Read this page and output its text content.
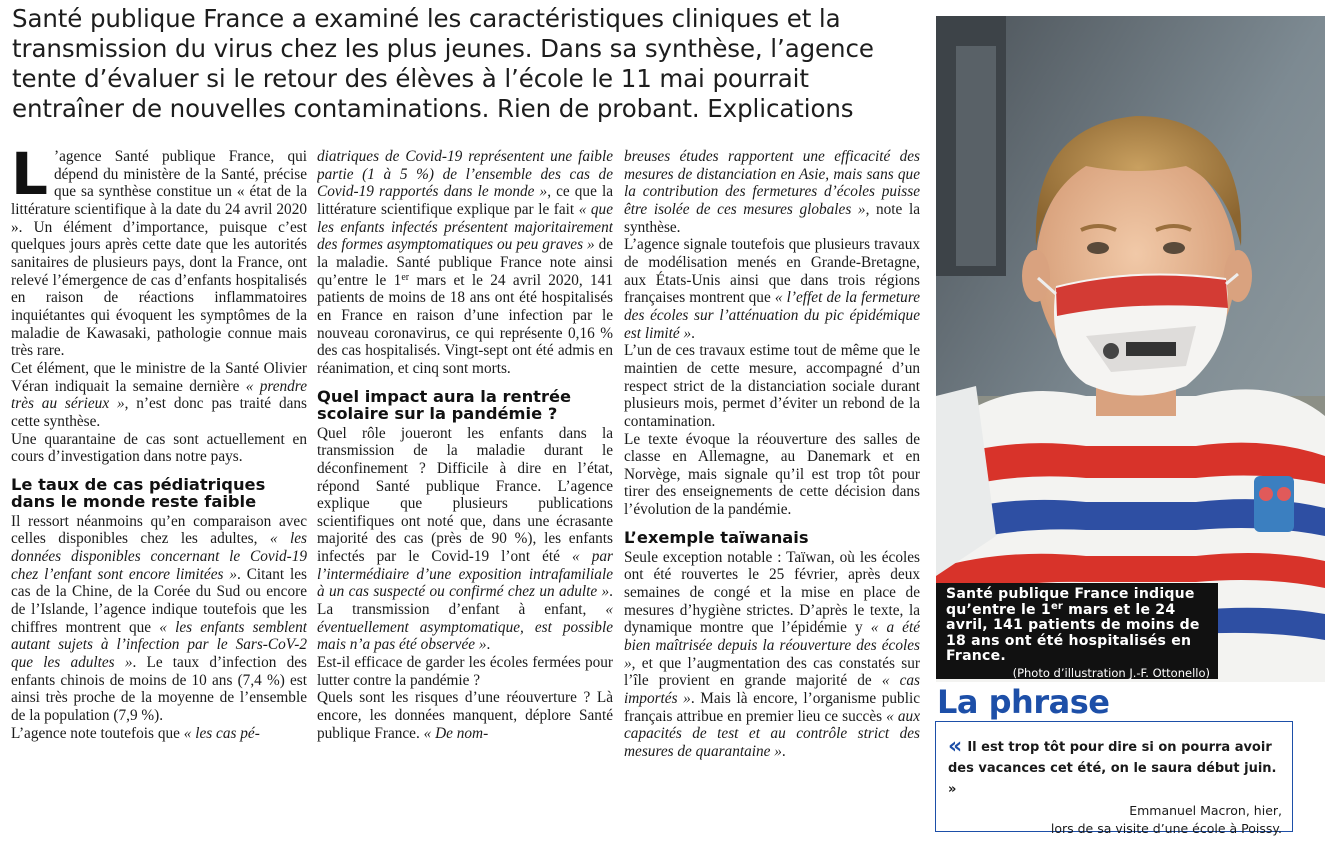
Santé publique France a examiné les caractéristiques cliniques et la transmission du virus chez les plus jeunes. Dans sa synthèse, l’agence tente d’évaluer si le retour des élèves à l’école le 11 mai pourrait entraîner de nouvelles contaminations. Rien de probant. Explications
L ’agence Santé publique France, qui dépend du ministère de la Santé, précise que sa synthèse constitue un « état de la littérature scientifique à la date du 24 avril 2020 ». Un élément d’importance, puisque c’est quelques jours après cette date que les autorités sanitaires de plusieurs pays, dont la France, ont relevé l’émergence de cas d’enfants hospitalisés en raison de réactions inflammatoires inquiétantes qui évoquent les symptômes de la maladie de Kawasaki, pathologie connue mais très rare.

Cet élément, que le ministre de la Santé Olivier Véran indiquait la semaine dernière « prendre très au sérieux », n’est donc pas traité dans cette synthèse.

Une quarantaine de cas sont actuellement en cours d’investigation dans notre pays.

Le taux de cas pédiatriques dans le monde reste faible

Il ressort néanmoins qu’en comparaison avec celles disponibles chez les adultes, « les données disponibles concernant le Covid-19 chez l’enfant sont encore limitées ». Citant les cas de la Chine, de la Corée du Sud ou encore de l’Islande, l’agence indique toutefois que les chiffres montrent que « les enfants semblent autant sujets à l’infection par le Sars-CoV-2 que les adultes ». Le taux d’infection des enfants chinois de moins de 10 ans (7,4 %) est ainsi très proche de la moyenne de l’ensemble de la population (7,9 %).

L’agence note toutefois que « les cas pé-

diatriques de Covid-19 représentent une faible partie (1 à 5 %) de l’ensemble des cas de Covid-19 rapportés dans le monde », ce que la littérature scientifique explique par le fait « que les enfants infectés présentent majoritairement des formes asymptomatiques ou peu graves » de la maladie. Santé publique France note ainsi qu’entre le 1er mars et le 24 avril 2020, 141 patients de moins de 18 ans ont été hospitalisés en France en raison d’une infection par le nouveau coronavirus, ce qui représente 0,16 % des cas hospitalisés. Vingt-sept ont été admis en réanimation, et cinq sont morts.

Quel impact aura la rentrée scolaire sur la pandémie ?

Quel rôle joueront les enfants dans la transmission de la maladie durant le déconfinement ? Difficile à dire en l’état, répond Santé publique France. L’agence explique que plusieurs publications scientifiques ont noté que, dans une écrasante majorité des cas (près de 90 %), les enfants infectés par le Covid-19 l’ont été « par l’intermédiaire d’une exposition intrafamiliale à un cas suspecté ou confirmé chez un adulte ». La transmission d’enfant à enfant, « éventuellement asymptomatique, est possible mais n’a pas été observée ».

Est-il efficace de garder les écoles fermées pour lutter contre la pandémie ?

Quels sont les risques d’une réouverture ? Là encore, les données manquent, déplore Santé publique France. « De nom-

breuses études rapportent une efficacité des mesures de distanciation en Asie, mais sans que la contribution des fermetures d’écoles puisse être isolée de ces mesures globales », note la synthèse.

L’agence signale toutefois que plusieurs travaux de modélisation menés en Grande-Bretagne, aux États-Unis ainsi que dans trois régions françaises montrent que « l’effet de la fermeture des écoles sur l’atténuation du pic épidémique est limité ».

L’un de ces travaux estime tout de même que le maintien de cette mesure, accompagné d’un respect strict de la distanciation sociale durant plusieurs mois, permet d’éviter un rebond de la contamination.

Le texte évoque la réouverture des salles de classe en Allemagne, au Danemark et en Norvège, mais signale qu’il est trop tôt pour tirer des enseignements de cette décision dans l’évolution de la pandémie.

L’exemple taïwanais

Seule exception notable : Taïwan, où les écoles ont été rouvertes le 25 février, après deux semaines de congé et la mise en place de mesures d’hygiène strictes. D’après le texte, la dynamique montre que l’épidémie y « a été bien maîtrisée depuis la réouverture des écoles », et que l’augmentation des cas constatés sur l’île provient en grande majorité de « cas importés ». Mais là encore, l’organisme public français attribue en premier lieu ce succès « aux capacités de test et au contrôle strict des mesures de quarantaine ».

Santé publique France indique qu’entre le 1er mars et le 24 avril, 141 patients de moins de 18 ans ont été hospitalisés en France.
(Photo d’illustration J.-F. Ottonello)
La phrase
« Il est trop tôt pour dire si on pourra avoir des vacances cet été, on le saura début juin. »
Emmanuel Macron, hier,
lors de sa visite d’une école à Poissy.
